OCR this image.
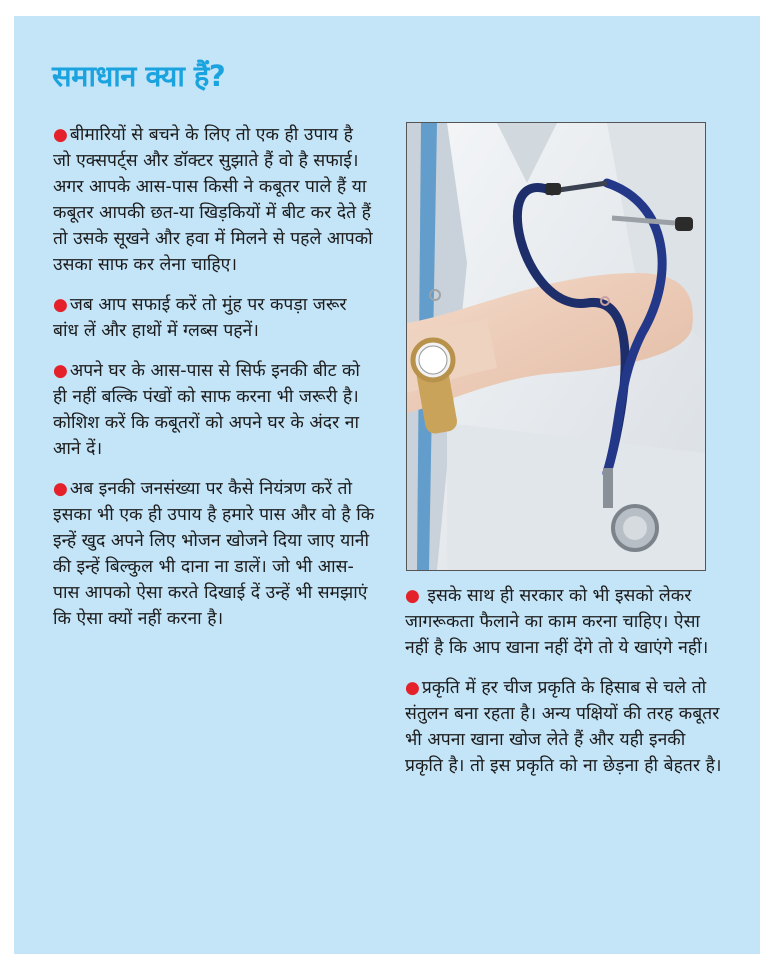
समाधान क्या हैं?

● बीमारियों से बचने के लिए तो एक ही उपाय है जो एक्सपर्ट्स और डॉक्टर सुझाते हैं वो है सफाई। अगर आपके आस-पास किसी ने कबूतर पाले हैं या कबूतर आपकी छत-या खिड़कियों में बीट कर देते हैं तो उसके सूखने और हवा में मिलने से पहले आपको उसका साफ कर लेना चाहिए।

● जब आप सफाई करें तो मुंह पर कपड़ा जरूर बांध लें और हाथों में ग्लब्स पहनें।

● अपने घर के आस-पास से सिर्फ इनकी बीट को ही नहीं बल्कि पंखों को साफ करना भी जरूरी है। कोशिश करें कि कबूतरों को अपने घर के अंदर ना आने दें।

● अब इनकी जनसंख्या पर कैसे नियंत्रण करें तो इसका भी एक ही उपाय है हमारे पास और वो है कि इन्हें खुद अपने लिए भोजन खोजने दिया जाए यानी की इन्हें बिल्कुल भी दाना ना डालें। जो भी आस-पास आपको ऐसा करते दिखाई दें उन्हें भी समझाएं कि ऐसा क्यों नहीं करना है।

● इसके साथ ही सरकार को भी इसको लेकर जागरूकता फैलाने का काम करना चाहिए। ऐसा नहीं है कि आप खाना नहीं देंगे तो ये खाएंगे नहीं।

● प्रकृति में हर चीज प्रकृति के हिसाब से चले तो संतुलन बना रहता है। अन्य पक्षियों की तरह कबूतर भी अपना खाना खोज लेते हैं और यही इनकी प्रकृति है। तो इस प्रकृति को ना छेड़ना ही बेहतर है।
